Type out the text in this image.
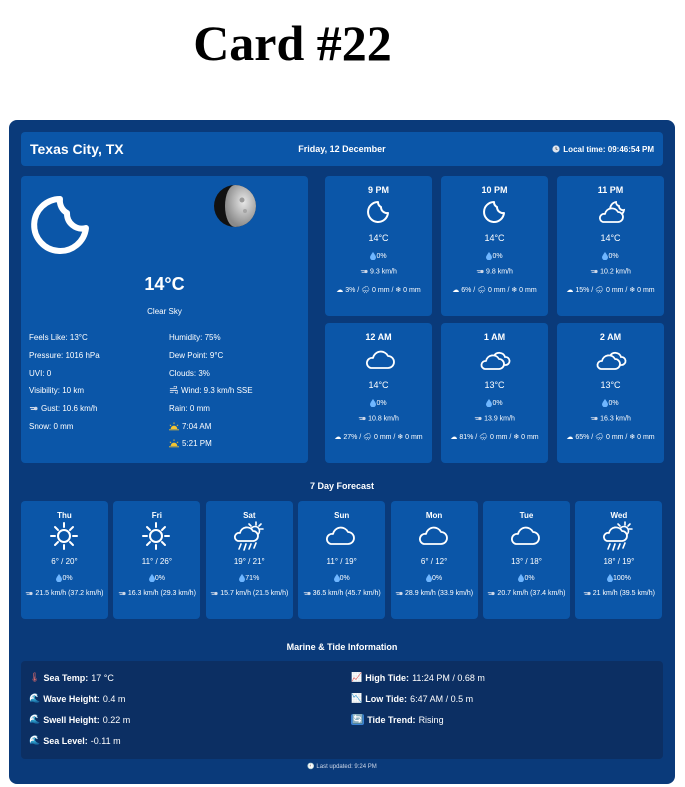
Card #22
Texas City, TX	Friday, 12 December	Local time: 09:46:54 PM
14°C
Clear Sky
Feels Like: 13°C	Humidity: 75%
Pressure: 1016 hPa	Dew Point: 9°C
UVI: 0	Clouds: 3%
Visibility: 10 km	Wind: 9.3 km/h SSE
Gust: 10.6 km/h	Rain: 0 mm
Snow: 0 mm	7:04 AM
5:21 PM
9 PM
14°C
0%
9.3 km/h
☁ 3% / 🌧 0 mm / ❄ 0 mm
10 PM
14°C
0%
9.8 km/h
☁ 6% / 🌧 0 mm / ❄ 0 mm
11 PM
14°C
0%
10.2 km/h
☁ 15% / 🌧 0 mm / ❄ 0 mm
12 AM
14°C
0%
10.8 km/h
☁ 27% / 🌧 0 mm / ❄ 0 mm
1 AM
13°C
0%
13.9 km/h
☁ 81% / 🌧 0 mm / ❄ 0 mm
2 AM
13°C
0%
16.3 km/h
☁ 65% / 🌧 0 mm / ❄ 0 mm
7 Day Forecast
Thu
6° / 20°
0%
21.5 km/h (37.2 km/h)
Fri
11° / 26°
0%
16.3 km/h (29.3 km/h)
Sat
19° / 21°
71%
15.7 km/h (21.5 km/h)
Sun
11° / 19°
0%
36.5 km/h (45.7 km/h)
Mon
6° / 12°
0%
28.9 km/h (33.9 km/h)
Tue
13° / 18°
0%
20.7 km/h (37.4 km/h)
Wed
18° / 19°
100%
21 km/h (39.5 km/h)
Marine & Tide Information
🌡 Sea Temp: 17 °C
🌊 Wave Height: 0.4 m
🌊 Swell Height: 0.22 m
🌊 Sea Level: -0.11 m
📈 High Tide: 11:24 PM / 0.68 m
📉 Low Tide: 6:47 AM / 0.5 m
🔄 Tide Trend: Rising
🕘 Last updated: 9:24 PM
